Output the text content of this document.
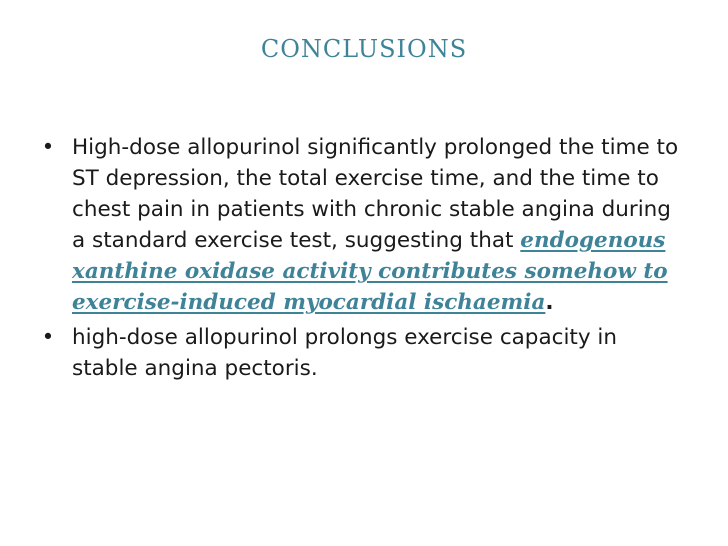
conclusions
• High-dose allopurinol significantly prolonged the time to ST depression, the total exercise time, and the time to chest pain in patients with chronic stable angina during a standard exercise test, suggesting that endogenous xanthine oxidase activity contributes somehow to exercise-induced myocardial ischaemia.
• high-dose allopurinol prolongs exercise capacity in stable angina pectoris.
